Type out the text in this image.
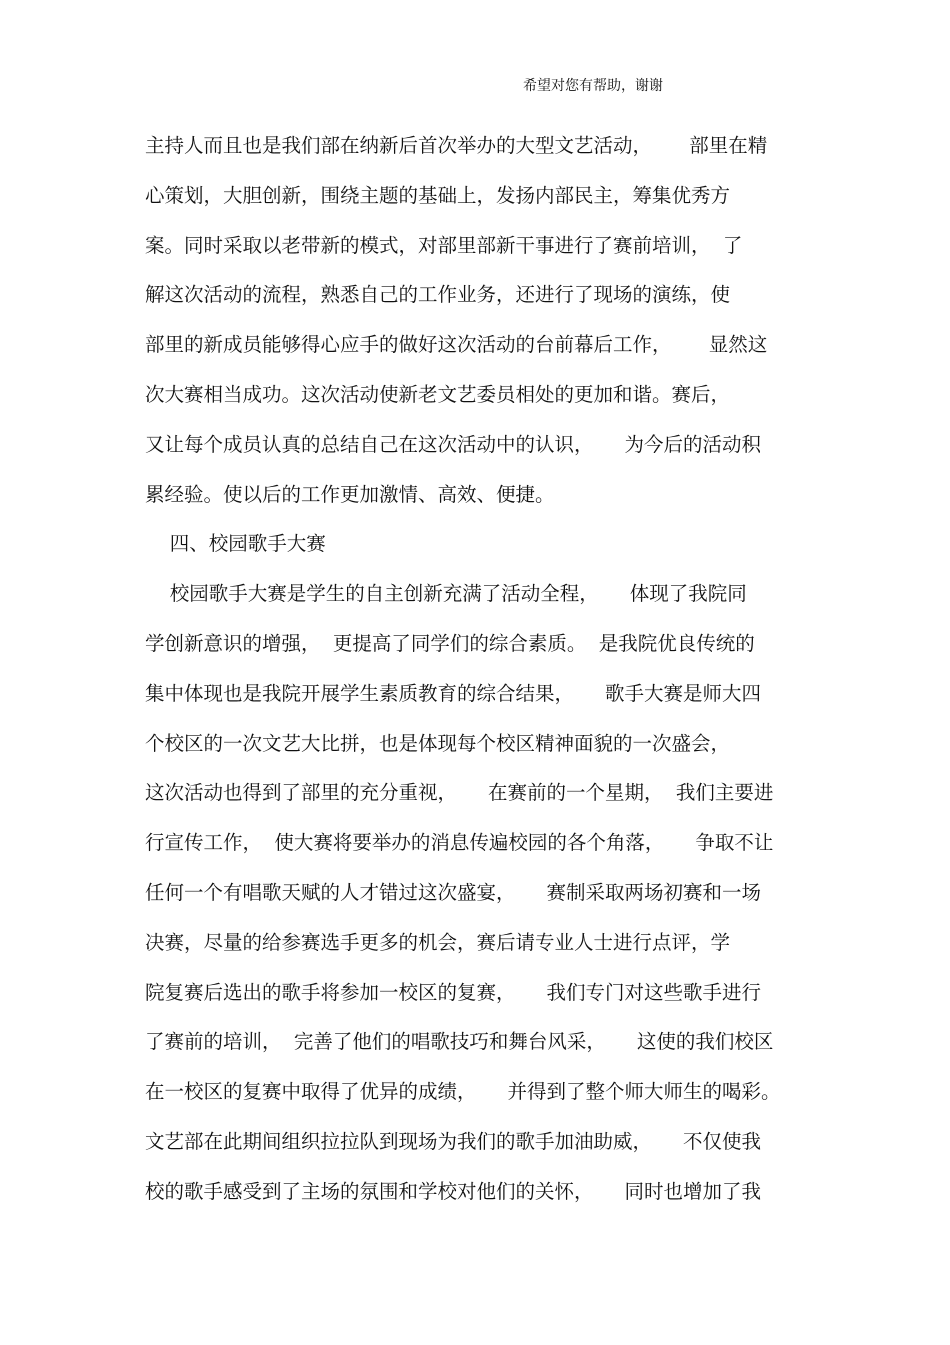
希望对您有帮助，谢谢
主持人而且也是我们部在纳新后首次举办的大型文艺活动，      部里在精
心策划，大胆创新，围绕主题的基础上，发扬内部民主，筹集优秀方
案。同时采取以老带新的模式，对部里部新干事进行了赛前培训，  了
解这次活动的流程，熟悉自己的工作业务，还进行了现场的演练，使
部里的新成员能够得心应手的做好这次活动的台前幕后工作，      显然这
次大赛相当成功。这次活动使新老文艺委员相处的更加和谐。赛后，
又让每个成员认真的总结自己在这次活动中的认识，     为今后的活动积
累经验。使以后的工作更加激情、高效、便捷。
四、校园歌手大赛
校园歌手大赛是学生的自主创新充满了活动全程，     体现了我院同
学创新意识的增强，  更提高了同学们的综合素质。  是我院优良传统的
集中体现也是我院开展学生素质教育的综合结果，     歌手大赛是师大四
个校区的一次文艺大比拼，也是体现每个校区精神面貌的一次盛会，
这次活动也得到了部里的充分重视，     在赛前的一个星期，  我们主要进
行宣传工作，  使大赛将要举办的消息传遍校园的各个角落，     争取不让
任何一个有唱歌天赋的人才错过这次盛宴，     赛制采取两场初赛和一场
决赛，尽量的给参赛选手更多的机会，赛后请专业人士进行点评，学
院复赛后选出的歌手将参加一校区的复赛，     我们专门对这些歌手进行
了赛前的培训，  完善了他们的唱歌技巧和舞台风采，     这使的我们校区
在一校区的复赛中取得了优异的成绩，     并得到了整个师大师生的喝彩。
文艺部在此期间组织拉拉队到现场为我们的歌手加油助威，     不仅使我
校的歌手感受到了主场的氛围和学校对他们的关怀，     同时也增加了我
